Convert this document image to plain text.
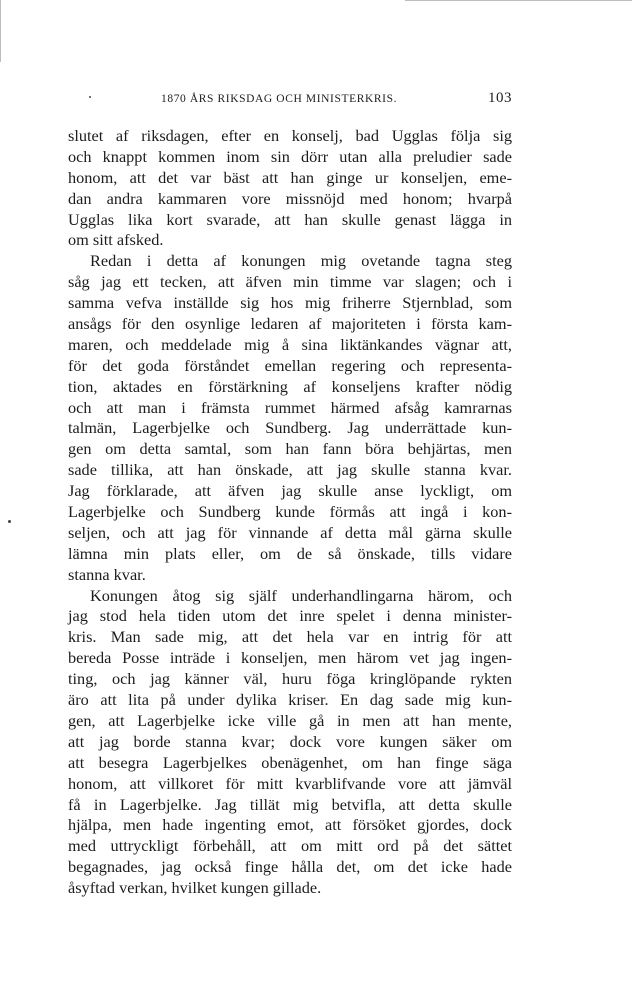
1870 ÅRS RIKSDAG OCH MINISTERKRIS.	103
slutet af riksdagen, efter en konselj, bad Ugglas följa sig
och knappt kommen inom sin dörr utan alla preludier sade
honom, att det var bäst att han ginge ur konseljen, eme-
dan andra kammaren vore missnöjd med honom; hvarpå
Ugglas lika kort svarade, att han skulle genast lägga in
om sitt afsked.
Redan i detta af konungen mig ovetande tagna steg
såg jag ett tecken, att äfven min timme var slagen; och i
samma vefva inställde sig hos mig friherre Stjernblad, som
ansågs för den osynlige ledaren af majoriteten i första kam-
maren, och meddelade mig å sina liktänkandes vägnar att,
för det goda förståndet emellan regering och representa-
tion, aktades en förstärkning af konseljens krafter nödig
och att man i främsta rummet härmed afsåg kamrarnas
talmän, Lagerbjelke och Sundberg. Jag underrättade kun-
gen om detta samtal, som han fann böra behjärtas, men
sade tillika, att han önskade, att jag skulle stanna kvar.
Jag förklarade, att äfven jag skulle anse lyckligt, om
Lagerbjelke och Sundberg kunde förmås att ingå i kon-
seljen, och att jag för vinnande af detta mål gärna skulle
lämna min plats eller, om de så önskade, tills vidare
stanna kvar.
Konungen åtog sig själf underhandlingarna härom, och
jag stod hela tiden utom det inre spelet i denna minister-
kris. Man sade mig, att det hela var en intrig för att
bereda Posse inträde i konseljen, men härom vet jag ingen-
ting, och jag känner väl, huru föga kringlöpande rykten
äro att lita på under dylika kriser. En dag sade mig kun-
gen, att Lagerbjelke icke ville gå in men att han mente,
att jag borde stanna kvar; dock vore kungen säker om
att besegra Lagerbjelkes obenägenhet, om han finge säga
honom, att villkoret för mitt kvarblifvande vore att jämväl
få in Lagerbjelke. Jag tillät mig betvifla, att detta skulle
hjälpa, men hade ingenting emot, att försöket gjordes, dock
med uttryckligt förbehåll, att om mitt ord på det sättet
begagnades, jag också finge hålla det, om det icke hade
åsyftad verkan, hvilket kungen gillade.
